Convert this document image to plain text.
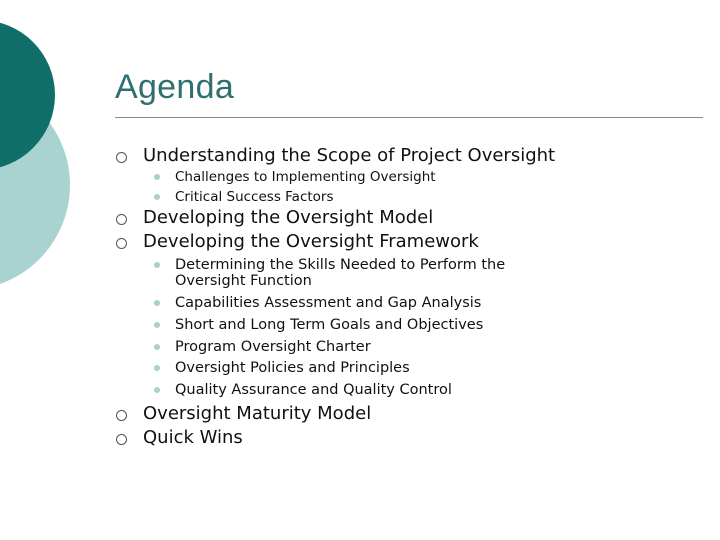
Agenda
Understanding the Scope of Project Oversight
Challenges to Implementing Oversight
Critical Success Factors
Developing the Oversight Model
Developing the Oversight Framework
Determining the Skills Needed to Perform the
Oversight Function
Capabilities Assessment and Gap Analysis
Short and Long Term Goals and Objectives
Program Oversight Charter
Oversight Policies and Principles
Quality Assurance and Quality Control
Oversight Maturity Model
Quick Wins
